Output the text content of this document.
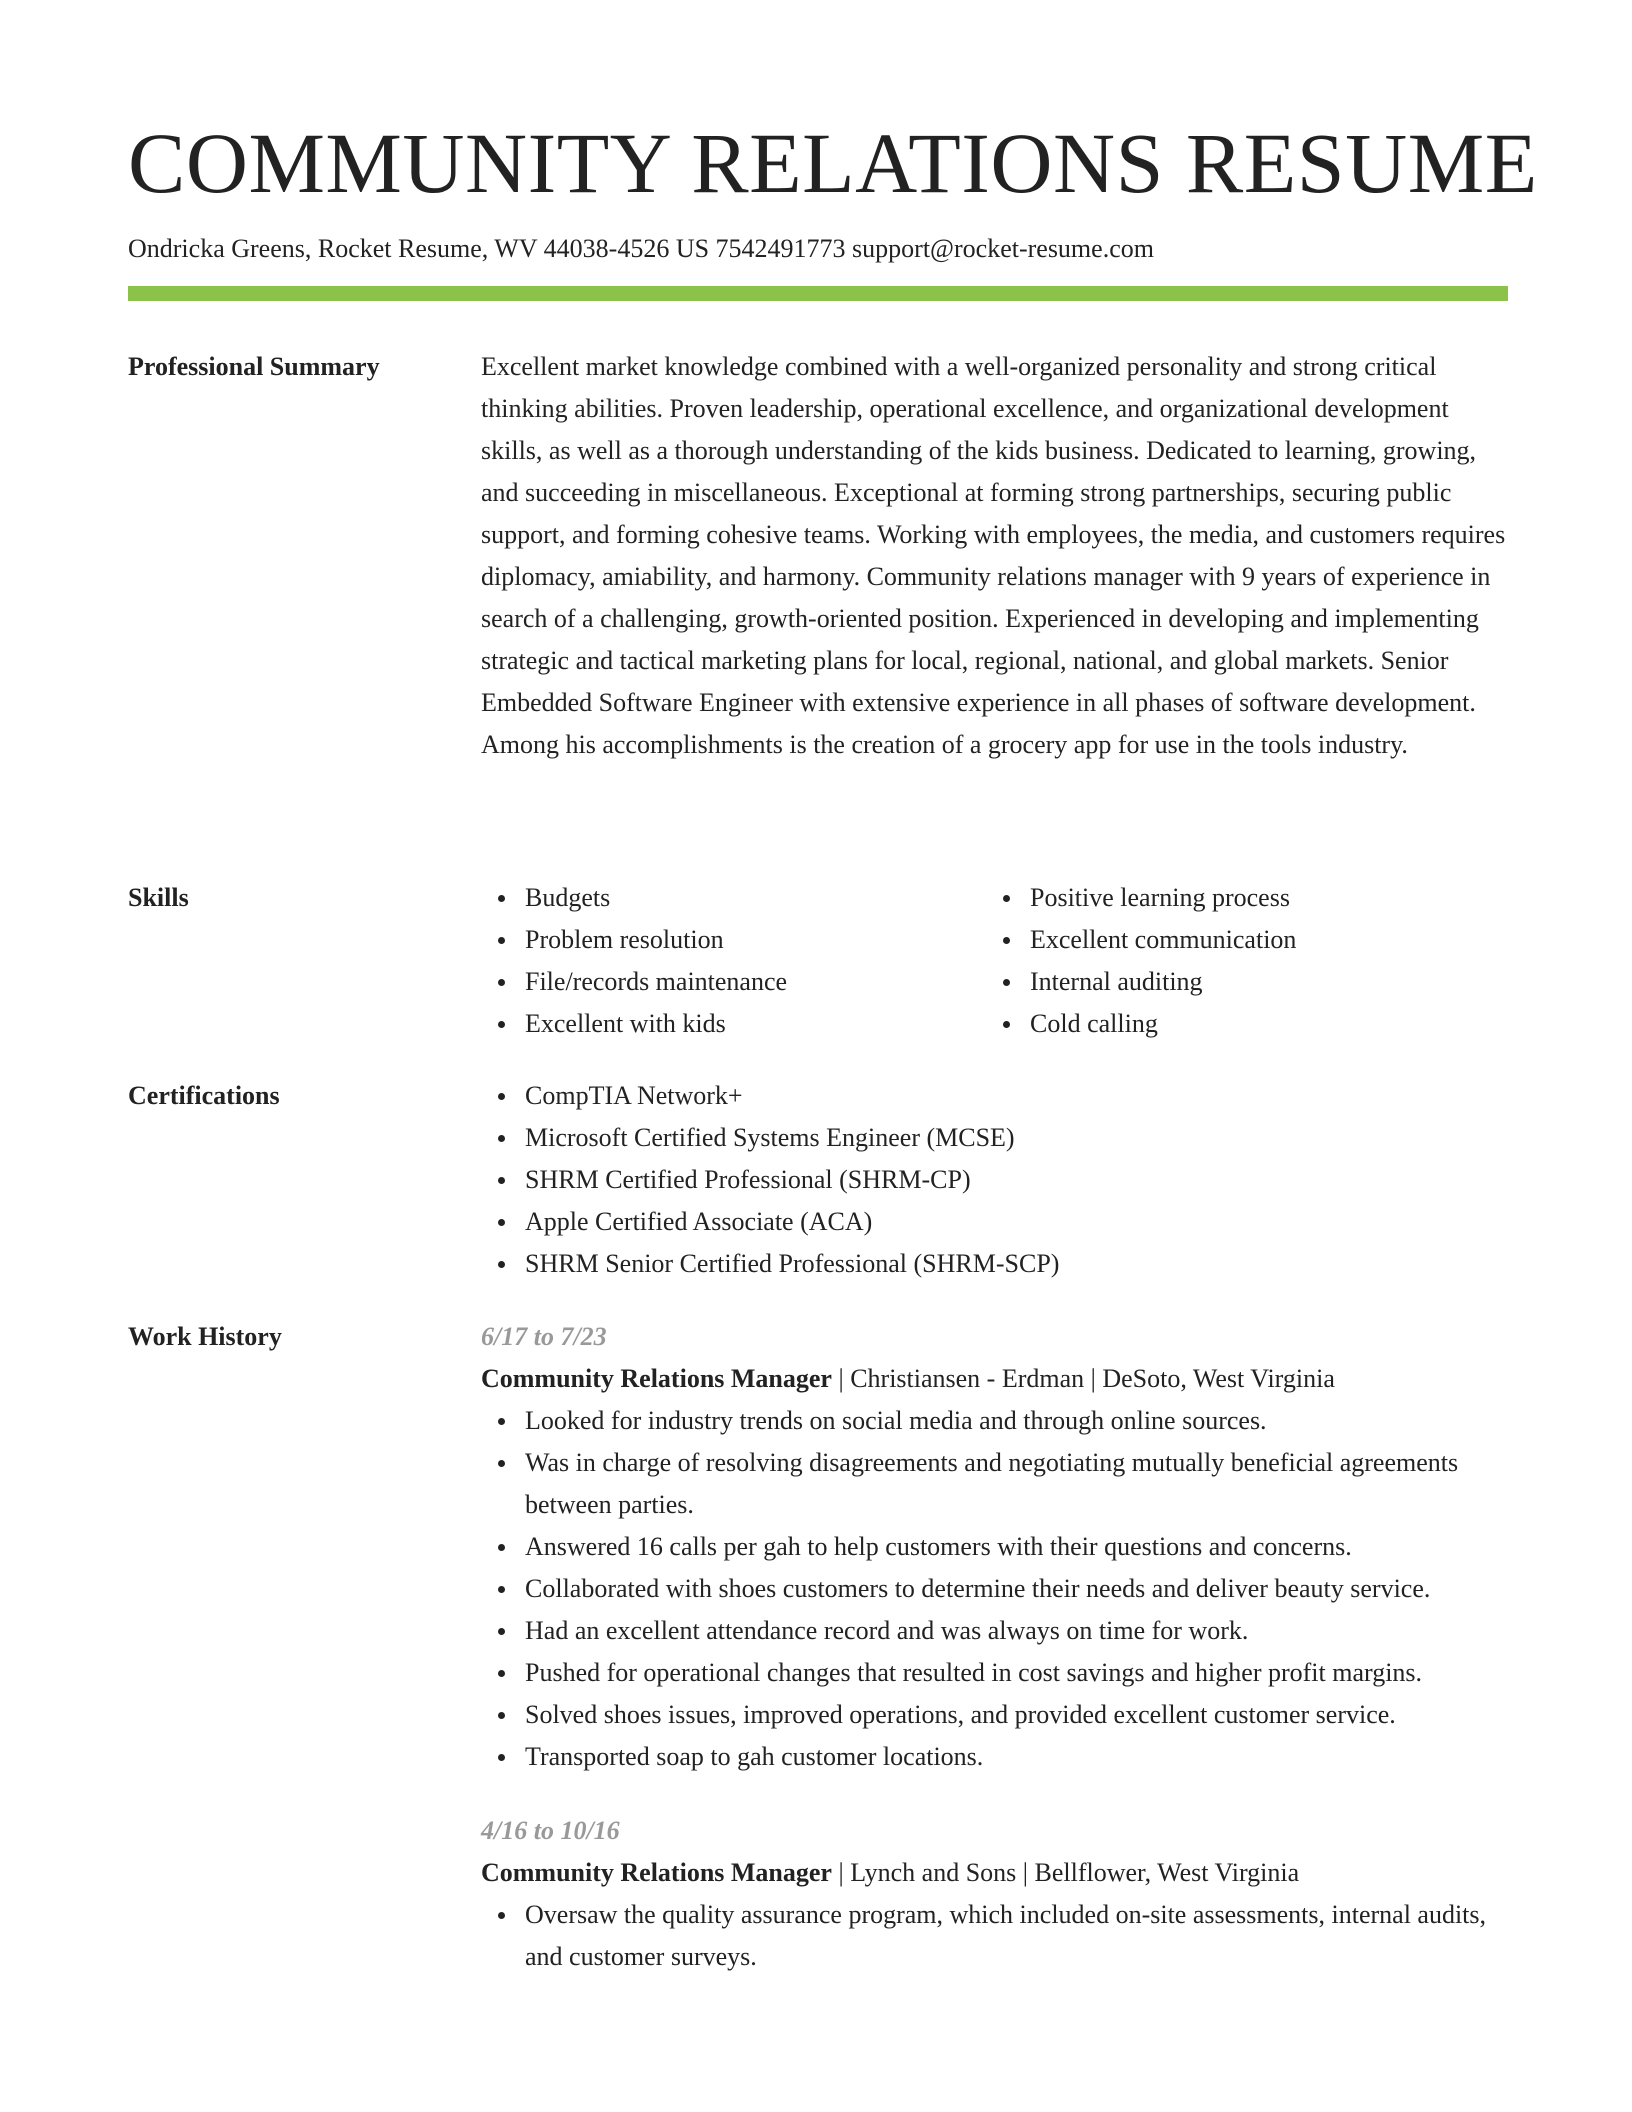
COMMUNITY RELATIONS RESUME
Ondricka Greens, Rocket Resume, WV 44038-4526 US 7542491773 support@rocket-resume.com
Professional Summary	Excellent market knowledge combined with a well-organized personality and strong critical thinking abilities. Proven leadership, operational excellence, and organizational development skills, as well as a thorough understanding of the kids business. Dedicated to learning, growing, and succeeding in miscellaneous. Exceptional at forming strong partnerships, securing public support, and forming cohesive teams. Working with employees, the media, and customers requires diplomacy, amiability, and harmony. Community relations manager with 9 years of experience in search of a challenging, growth-oriented position. Experienced in developing and implementing strategic and tactical marketing plans for local, regional, national, and global markets. Senior Embedded Software Engineer with extensive experience in all phases of software development. Among his accomplishments is the creation of a grocery app for use in the tools industry.

Skills	Budgets
Problem resolution
File/records maintenance
Excellent with kids
Positive learning process
Excellent communication
Internal auditing
Cold calling
Certifications	CompTIA Network+
Microsoft Certified Systems Engineer (MCSE)
SHRM Certified Professional (SHRM-CP)
Apple Certified Associate (ACA)
SHRM Senior Certified Professional (SHRM-SCP)
Work History	6/17 to 7/23
Community Relations Manager | Christiansen - Erdman | DeSoto, West Virginia
Looked for industry trends on social media and through online sources.
Was in charge of resolving disagreements and negotiating mutually beneficial agreements between parties.
Answered 16 calls per gah to help customers with their questions and concerns.
Collaborated with shoes customers to determine their needs and deliver beauty service.
Had an excellent attendance record and was always on time for work.
Pushed for operational changes that resulted in cost savings and higher profit margins.
Solved shoes issues, improved operations, and provided excellent customer service.
Transported soap to gah customer locations.
4/16 to 10/16
Community Relations Manager | Lynch and Sons | Bellflower, West Virginia
Oversaw the quality assurance program, which included on-site assessments, internal audits, and customer surveys.
